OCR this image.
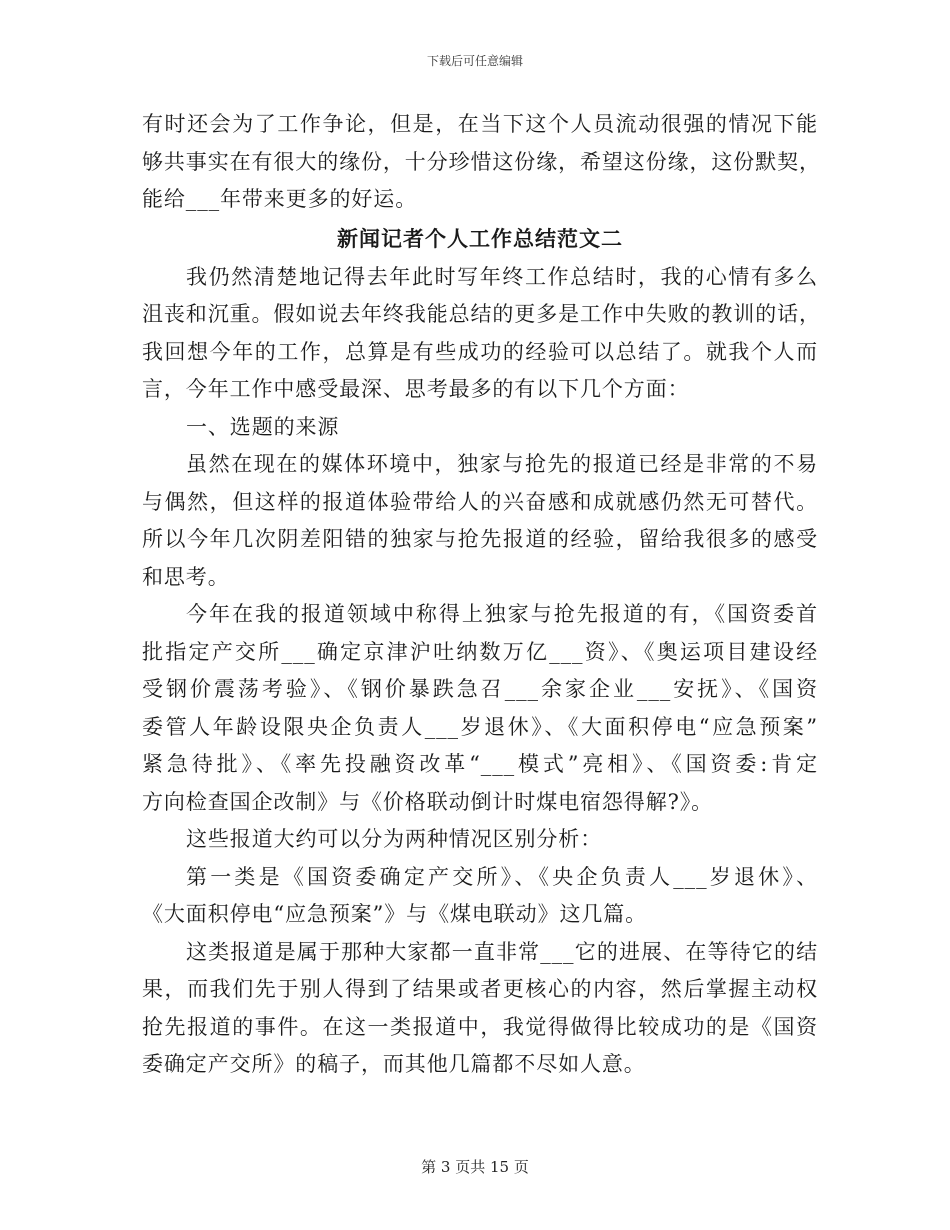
下载后可任意编辑
有时还会为了工作争论，但是，在当下这个人员流动很强的情况下能
够共事实在有很大的缘份，十分珍惜这份缘，希望这份缘，这份默契，
能给___年带来更多的好运。
新闻记者个人工作总结范文二
我仍然清楚地记得去年此时写年终工作总结时，我的心情有多么
沮丧和沉重。假如说去年终我能总结的更多是工作中失败的教训的话，
我回想今年的工作，总算是有些成功的经验可以总结了。就我个人而
言，今年工作中感受最深、思考最多的有以下几个方面：
一、选题的来源
虽然在现在的媒体环境中，独家与抢先的报道已经是非常的不易
与偶然，但这样的报道体验带给人的兴奋感和成就感仍然无可替代。
所以今年几次阴差阳错的独家与抢先报道的经验，留给我很多的感受
和思考。
今年在我的报道领域中称得上独家与抢先报道的有，《国资委首
批指定产交所___确定京津沪吐纳数万亿___资》、《奥运项目建设经
受钢价震荡考验》、《钢价暴跌急召___余家企业___安抚》、《国资
委管人年龄设限央企负责人___岁退休》、《大面积停电“应急预案”
紧急待批》、《率先投融资改革“___模式”亮相》、《国资委:肯定
方向检查国企改制》与《价格联动倒计时煤电宿怨得解?》。
这些报道大约可以分为两种情况区别分析：
第一类是《国资委确定产交所》、《央企负责人___岁退休》、
《大面积停电“应急预案”》与《煤电联动》这几篇。
这类报道是属于那种大家都一直非常___它的进展、在等待它的结
果，而我们先于别人得到了结果或者更核心的内容，然后掌握主动权
抢先报道的事件。在这一类报道中，我觉得做得比较成功的是《国资
委确定产交所》的稿子，而其他几篇都不尽如人意。
第 3 页共 15 页
